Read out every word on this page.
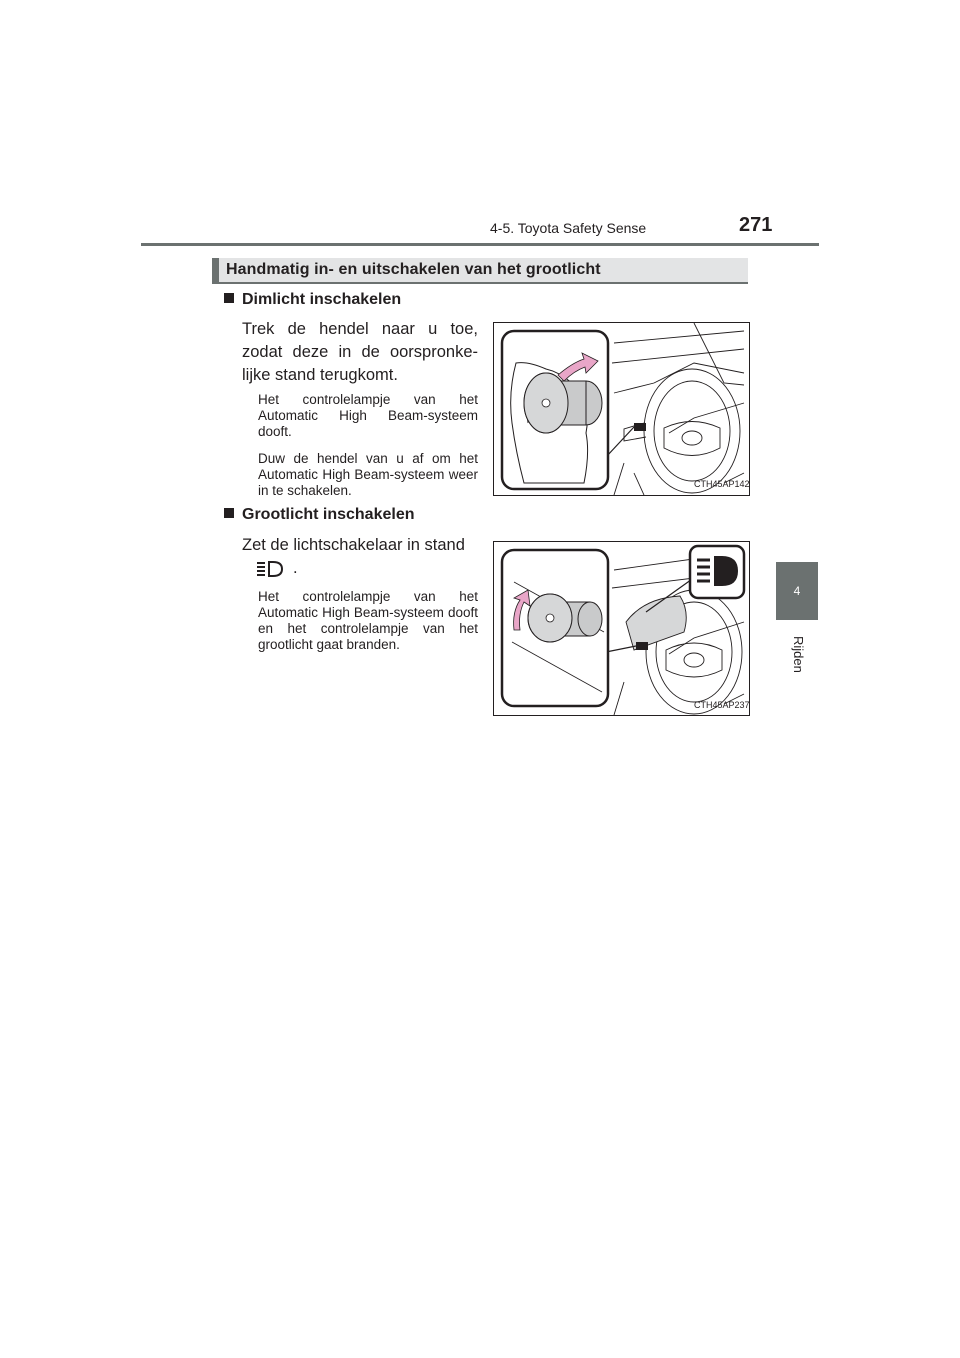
4-5. Toyota Safety Sense	271
4
Rijden
Handmatig in- en uitschakelen van het grootlicht
Dimlicht inschakelen
Trek de hendel naar u toe, zodat deze in de oorspronke-lijke stand terugkomt.
Het controlelampje van het Automatic High Beam-systeem dooft.
Duw de hendel van u af om het Automatic High Beam-systeem weer in te schakelen.	CTH45AP142
Grootlicht inschakelen
Zet de lichtschakelaar in stand
.
Het controlelampje van het Automatic High Beam-systeem dooft en het controlelampje van het grootlicht gaat branden.
CTH45AP237
